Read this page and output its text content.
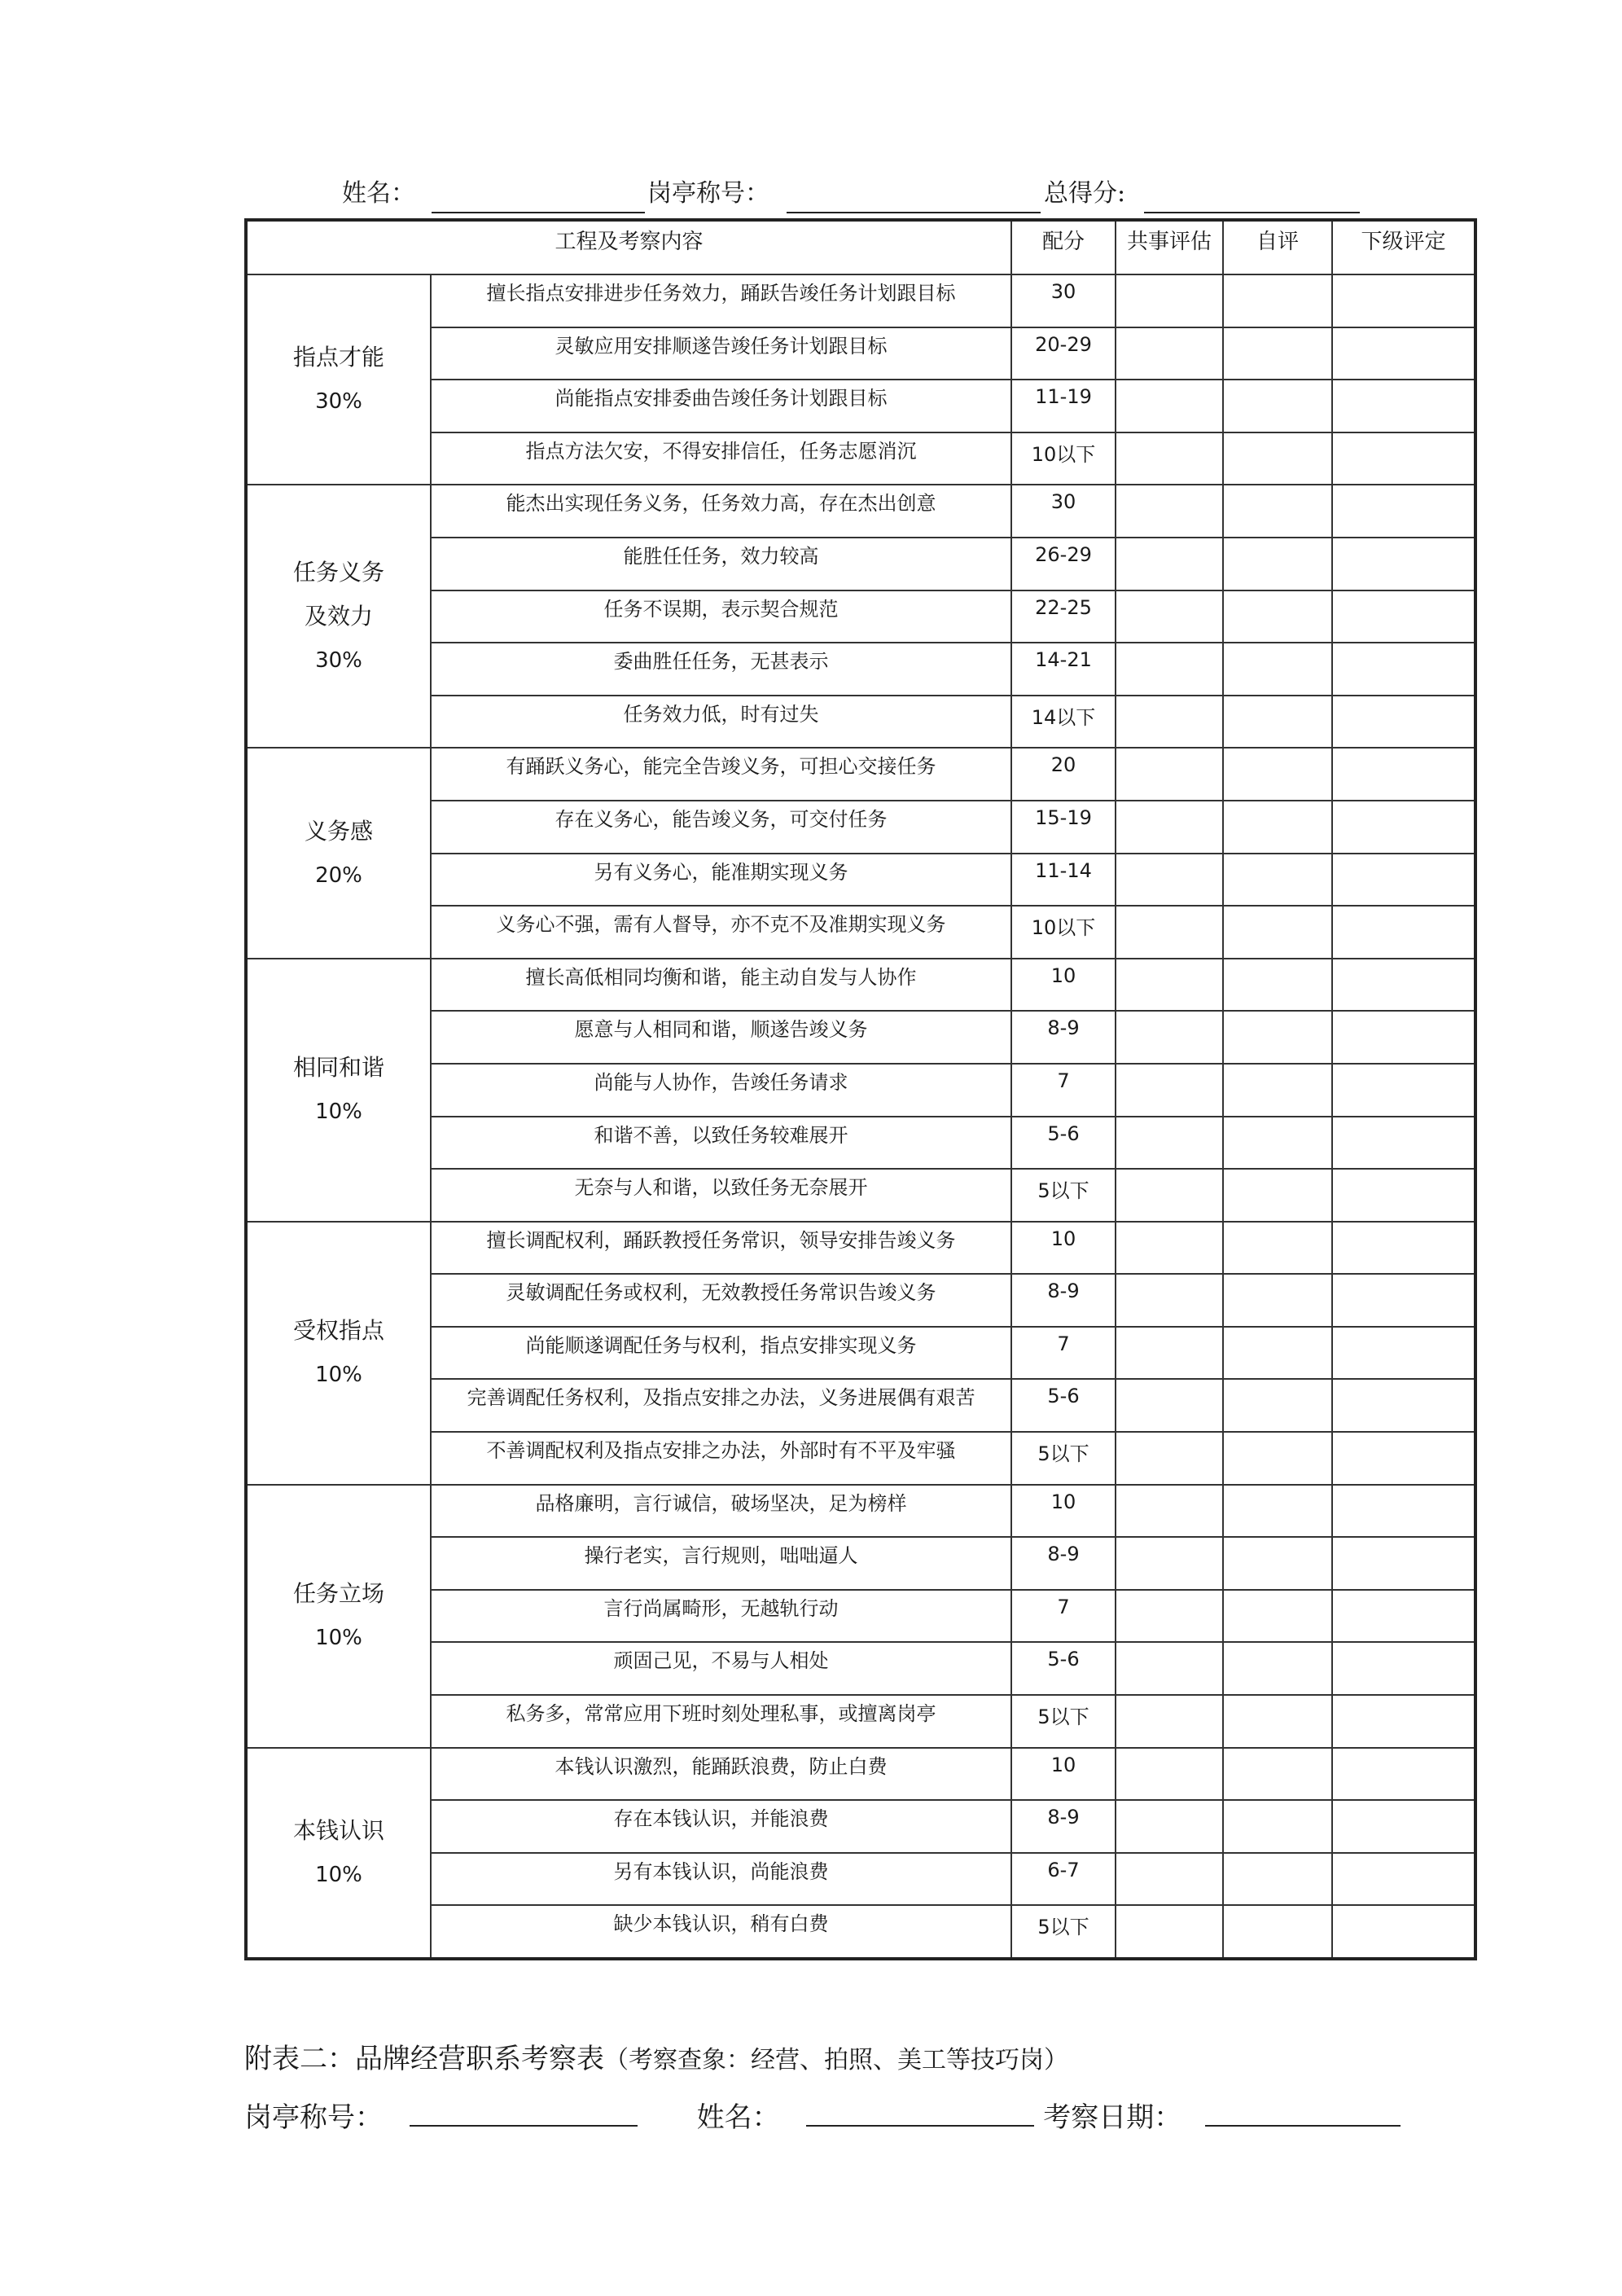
姓名：	岗亭称号：	总得分:
工程及考察内容		配分	共事评估	自评	下级评定

指点才能
30%	擅长指点安排进步任务效力，踊跃告竣任务计划跟目标	30			
	灵敏应用安排顺遂告竣任务计划跟目标	20-29			
	尚能指点安排委曲告竣任务计划跟目标	11-19			
	指点方法欠安，不得安排信任，任务志愿消沉	10以下			

任务义务
及效力
30%	能杰出实现任务义务，任务效力高，存在杰出创意	30			
	能胜任任务，效力较高	26-29			
	任务不误期，表示契合规范	22-25			
	委曲胜任任务，无甚表示	14-21			
	任务效力低，时有过失	14以下			

义务感
20%	有踊跃义务心，能完全告竣义务，可担心交接任务	20			
	存在义务心，能告竣义务，可交付任务	15-19			
	另有义务心，能准期实现义务	11-14			
	义务心不强，需有人督导，亦不克不及准期实现义务	10以下			

相同和谐
10%	擅长高低相同均衡和谐，能主动自发与人协作	10			
	愿意与人相同和谐，顺遂告竣义务	8-9			
	尚能与人协作，告竣任务请求	7			
	和谐不善，以致任务较难展开	5-6			
	无奈与人和谐，以致任务无奈展开	5以下			

受权指点
10%	擅长调配权利，踊跃教授任务常识，领导安排告竣义务	10			
	灵敏调配任务或权利，无效教授任务常识告竣义务	8-9			
	尚能顺遂调配任务与权利，指点安排实现义务	7			
	完善调配任务权利，及指点安排之办法，义务进展偶有艰苦	5-6			
	不善调配权利及指点安排之办法，外部时有不平及牢骚	5以下			

任务立场
10%	品格廉明，言行诚信，破场坚决，足为榜样	10			
	操行老实，言行规则，咄咄逼人	8-9			
	言行尚属畸形，无越轨行动	7			
	顽固己见，不易与人相处	5-6			
	私务多，常常应用下班时刻处理私事，或擅离岗亭	5以下			

本钱认识
10%	本钱认识激烈，能踊跃浪费，防止白费	10			
	存在本钱认识，并能浪费	8-9			
	另有本钱认识，尚能浪费	6-7			
	缺少本钱认识，稍有白费	5以下			
附表二：品牌经营职系考察表（考察查象：经营、拍照、美工等技巧岗）
岗亭称号：	姓名：	考察日期：
